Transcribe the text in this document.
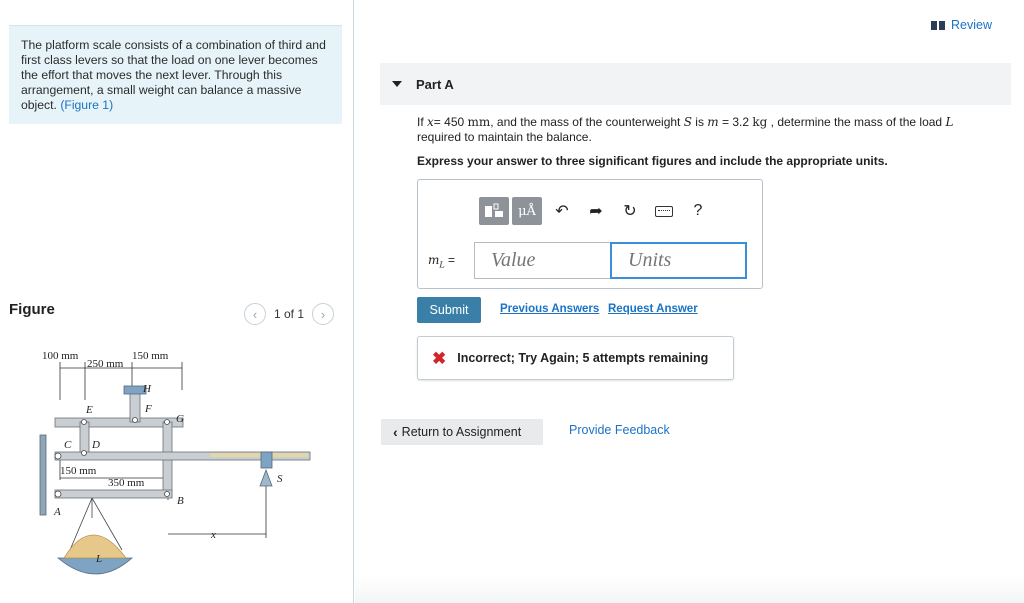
The platform scale consists of a combination of third and first class levers so that the load on one lever becomes the effort that moves the next lever. Through this arrangement, a small weight can balance a massive object. (Figure 1)
Figure	‹	1 of 1	›
100 mm
250 mm
150 mm
150 mm
350 mm
H
E	F
G
C D
A
B
S
x
L
Review
Part A
If x= 450 mm, and the mass of the counterweight S is m = 3.2 kg , determine the mass of the load L
required to maintain the balance.
Express your answer to three significant figures and include the appropriate units.
μÅ	↶	➦	↻	?
$m_L$ =
Value
Units
Submit	Previous Answers Request Answer
✖ Incorrect; Try Again; 5 attempts remaining
‹ Return to Assignment	Provide Feedback
